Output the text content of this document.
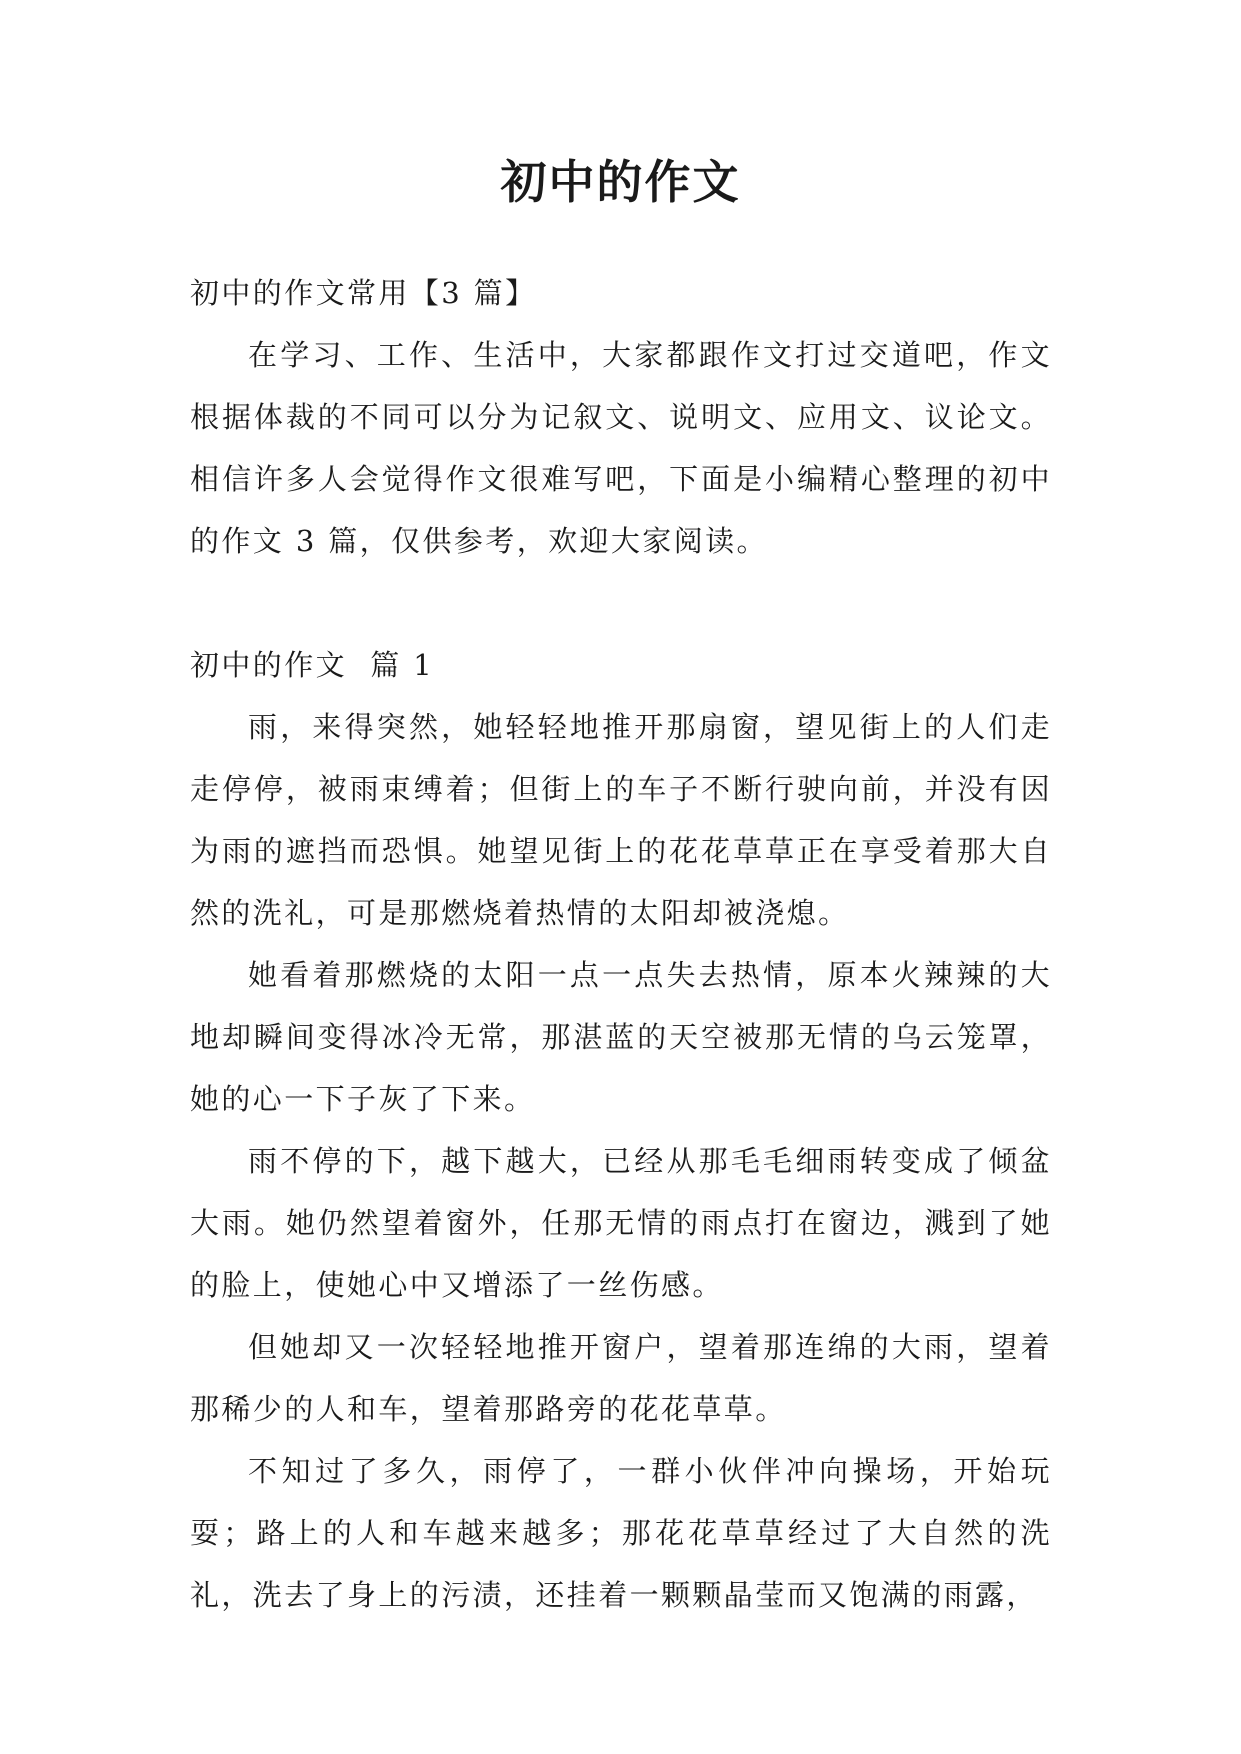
初中的作文

初中的作文常用【3 篇】

在学习、工作、生活中，大家都跟作文打过交道吧，作文根据体裁的不同可以分为记叙文、说明文、应用文、议论文。相信许多人会觉得作文很难写吧，下面是小编精心整理的初中的作文 3 篇，仅供参考，欢迎大家阅读。

初中的作文  篇 1

雨，来得突然，她轻轻地推开那扇窗，望见街上的人们走走停停，被雨束缚着；但街上的车子不断行驶向前，并没有因为雨的遮挡而恐惧。她望见街上的花花草草正在享受着那大自然的洗礼，可是那燃烧着热情的太阳却被浇熄。

她看着那燃烧的太阳一点一点失去热情，原本火辣辣的大地却瞬间变得冰冷无常，那湛蓝的天空被那无情的乌云笼罩，她的心一下子灰了下来。

雨不停的下，越下越大，已经从那毛毛细雨转变成了倾盆大雨。她仍然望着窗外，任那无情的雨点打在窗边，溅到了她的脸上，使她心中又增添了一丝伤感。

但她却又一次轻轻地推开窗户，望着那连绵的大雨，望着那稀少的人和车，望着那路旁的花花草草。

不知过了多久，雨停了，一群小伙伴冲向操场，开始玩耍；路上的人和车越来越多；那花花草草经过了大自然的洗礼，洗去了身上的污渍，还挂着一颗颗晶莹而又饱满的雨露，
